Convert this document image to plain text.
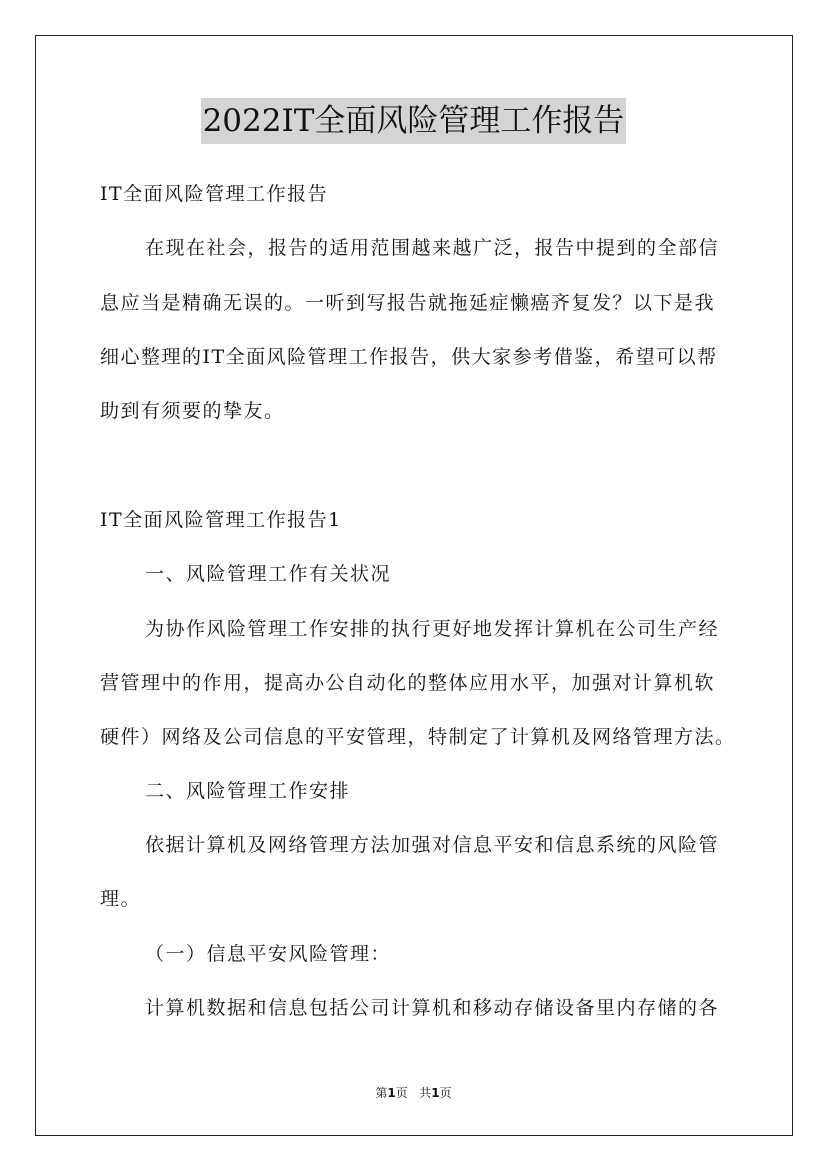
2022IT全面风险管理工作报告
IT全面风险管理工作报告
在现在社会，报告的适用范围越来越广泛，报告中提到的全部信
息应当是精确无误的。一听到写报告就拖延症懒癌齐复发？以下是我
细心整理的IT全面风险管理工作报告，供大家参考借鉴，希望可以帮
助到有须要的挚友。
IT全面风险管理工作报告1
一、风险管理工作有关状况
为协作风险管理工作安排的执行更好地发挥计算机在公司生产经
营管理中的作用，提高办公自动化的整体应用水平，加强对计算机软
硬件）网络及公司信息的平安管理，特制定了计算机及网络管理方法。
二、风险管理工作安排
依据计算机及网络管理方法加强对信息平安和信息系统的风险管
理。
（一）信息平安风险管理：
计算机数据和信息包括公司计算机和移动存储设备里内存储的各
第1页 共1页
